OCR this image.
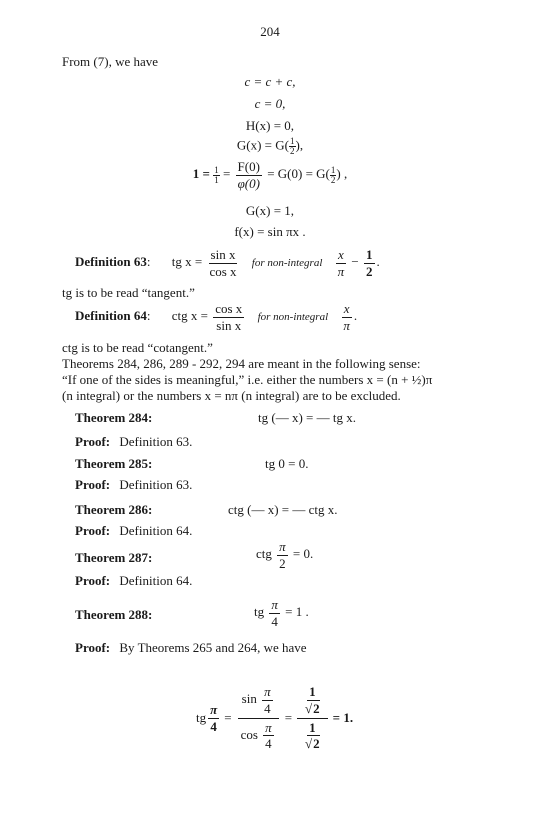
204
From (7), we have
c = c + c,
c = 0,
H(x) = 0,
$G(x) = G( \frac{1}{2}$ ),
$1 = \frac{1}{1} = \frac{F(0)}{\varphi(0)} = G(0) = G( \frac{1}{2}$ ) ,
G(x) = 1,
f(x) = sin πx .
Definition 63: tg $x = \frac{\text{sin x}}{\text{cos x}}$ for non-integral $\frac{x}{\pi} - \frac{1}{2}$ .
tg is to be read “tangent.”
Definition 64: ctg $x = \frac{\text{cos x}}{\text{sin x}}$ for non-integral $\frac{x}{\pi}$ .
ctg is to be read “cotangent.”
Theorems 284, 286, 289 - 292, 294 are meant in the following sense:
“If one of the sides is meaningful,” i.e. either the numbers x = (n + ½)π
(n integral) or the numbers x = nπ (n integral) are to be excluded.
Theorem 284:	tg (— x) = — tg x.
Proof: Definition 63.
Theorem 285:	tg 0 = 0.
Proof: Definition 63.
Theorem 286:	ctg (— x) = — ctg x.
Proof: Definition 64.
Theorem 287:	ctg $\frac{\pi}{2} = 0$.
Proof: Definition 64.
Theorem 288:	tg $\frac{\pi}{4} = 1$ .
Proof: By Theorems 265 and 264, we have
tg $\frac{\pi}{4} = \frac{\sin \frac{\pi}{4}}{\cos \frac{\pi}{4}} = \frac{\frac{1}{√2}}{\frac{1}{√2}} = 1$.
